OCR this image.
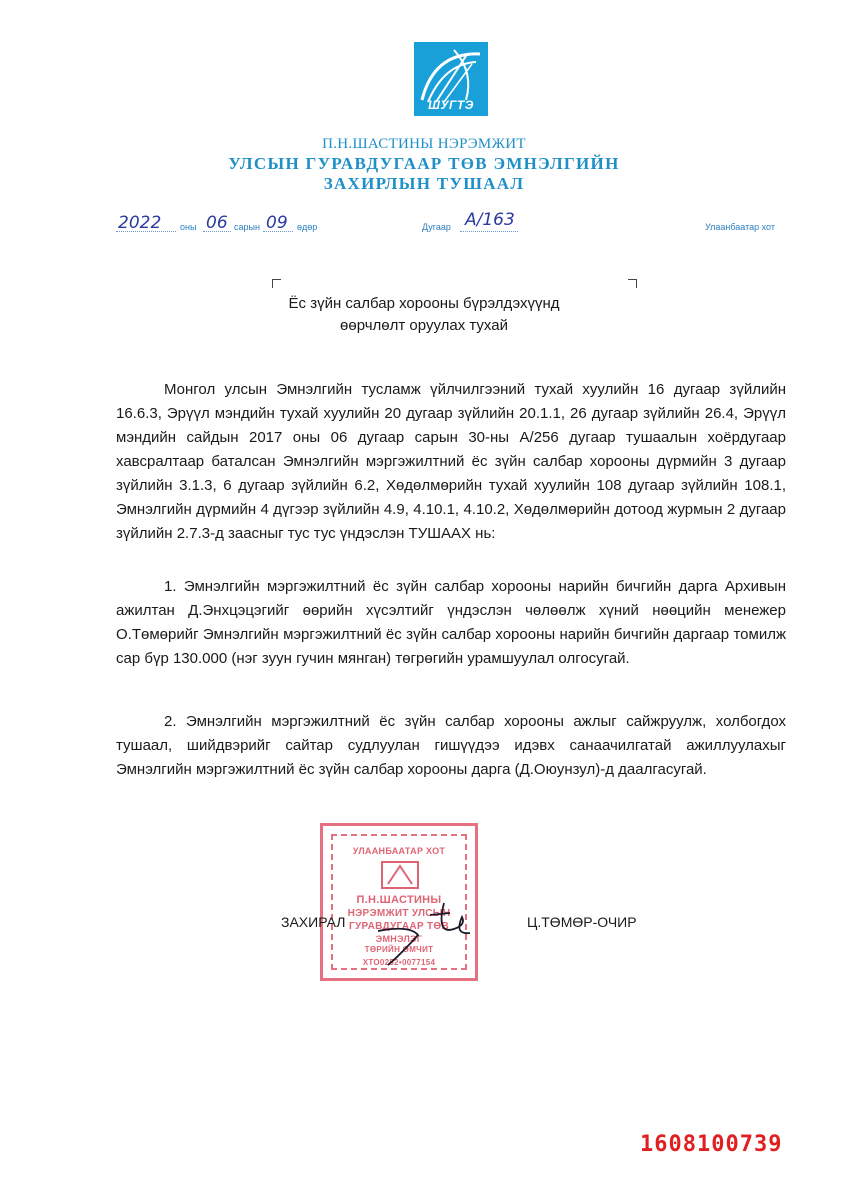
ШУГТЭ
П.Н.ШАСТИНЫ НЭРЭМЖИТ
УЛСЫН ГУРАВДУГААР ТӨВ ЭМНЭЛГИЙН
ЗАХИРЛЫН ТУШААЛ
2022 оны 06 сарын 09 өдөр	Дугаар А/163	Улаанбаатар хот
Ёс зүйн салбар хорооны бүрэлдэхүүнд
өөрчлөлт оруулах тухай
Монгол улсын Эмнэлгийн тусламж үйлчилгээний тухай хуулийн 16 дугаар зүйлийн 16.6.3, Эрүүл мэндийн тухай хуулийн 20 дугаар зүйлийн 20.1.1, 26 дугаар зүйлийн 26.4, Эрүүл мэндийн сайдын 2017 оны 06 дугаар сарын 30-ны А/256 дугаар тушаалын хоёрдугаар хавсралтаар баталсан Эмнэлгийн мэргэжилтний ёс зүйн салбар хорооны дүрмийн 3 дугаар зүйлийн 3.1.3, 6 дугаар зүйлийн 6.2, Хөдөлмөрийн тухай хуулийн 108 дугаар зүйлийн 108.1, Эмнэлгийн дүрмийн 4 дүгээр зүйлийн 4.9, 4.10.1, 4.10.2, Хөдөлмөрийн дотоод журмын 2 дугаар зүйлийн 2.7.3-д заасныг тус тус үндэслэн ТУШААХ нь:
1. Эмнэлгийн мэргэжилтний ёс зүйн салбар хорооны нарийн бичгийн дарга Архивын ажилтан Д.Энхцэцэгийг өөрийн хүсэлтийг үндэслэн чөлөөлж хүний нөөцийн менежер О.Төмөрийг Эмнэлгийн мэргэжилтний ёс зүйн салбар хорооны нарийн бичгийн даргаар томилж сар бүр 130.000 (нэг зуун гучин мянган) төгрөгийн урамшуулал олгосугай.
2. Эмнэлгийн мэргэжилтний ёс зүйн салбар хорооны ажлыг сайжруулж, холбогдох тушаал, шийдвэрийг сайтар судлуулан гишүүдээ идэвх санаачилгатай ажиллуулахыг Эмнэлгийн мэргэжилтний ёс зүйн салбар хорооны дарга (Д.Оюунзул)-д даалгасугай.
УЛААНБААТАР ХОТ
П.Н.ШАСТИНЫ
НЭРЭМЖИТ УЛСЫН
ГУРАВДУГААР ТӨВ
ЭМНЭЛЭГ
ТӨРИЙН ӨМЧИТ
ХТО0252•0077154
ЗАХИРАЛ	Ц.ТӨМӨР-ОЧИР
1608100739
